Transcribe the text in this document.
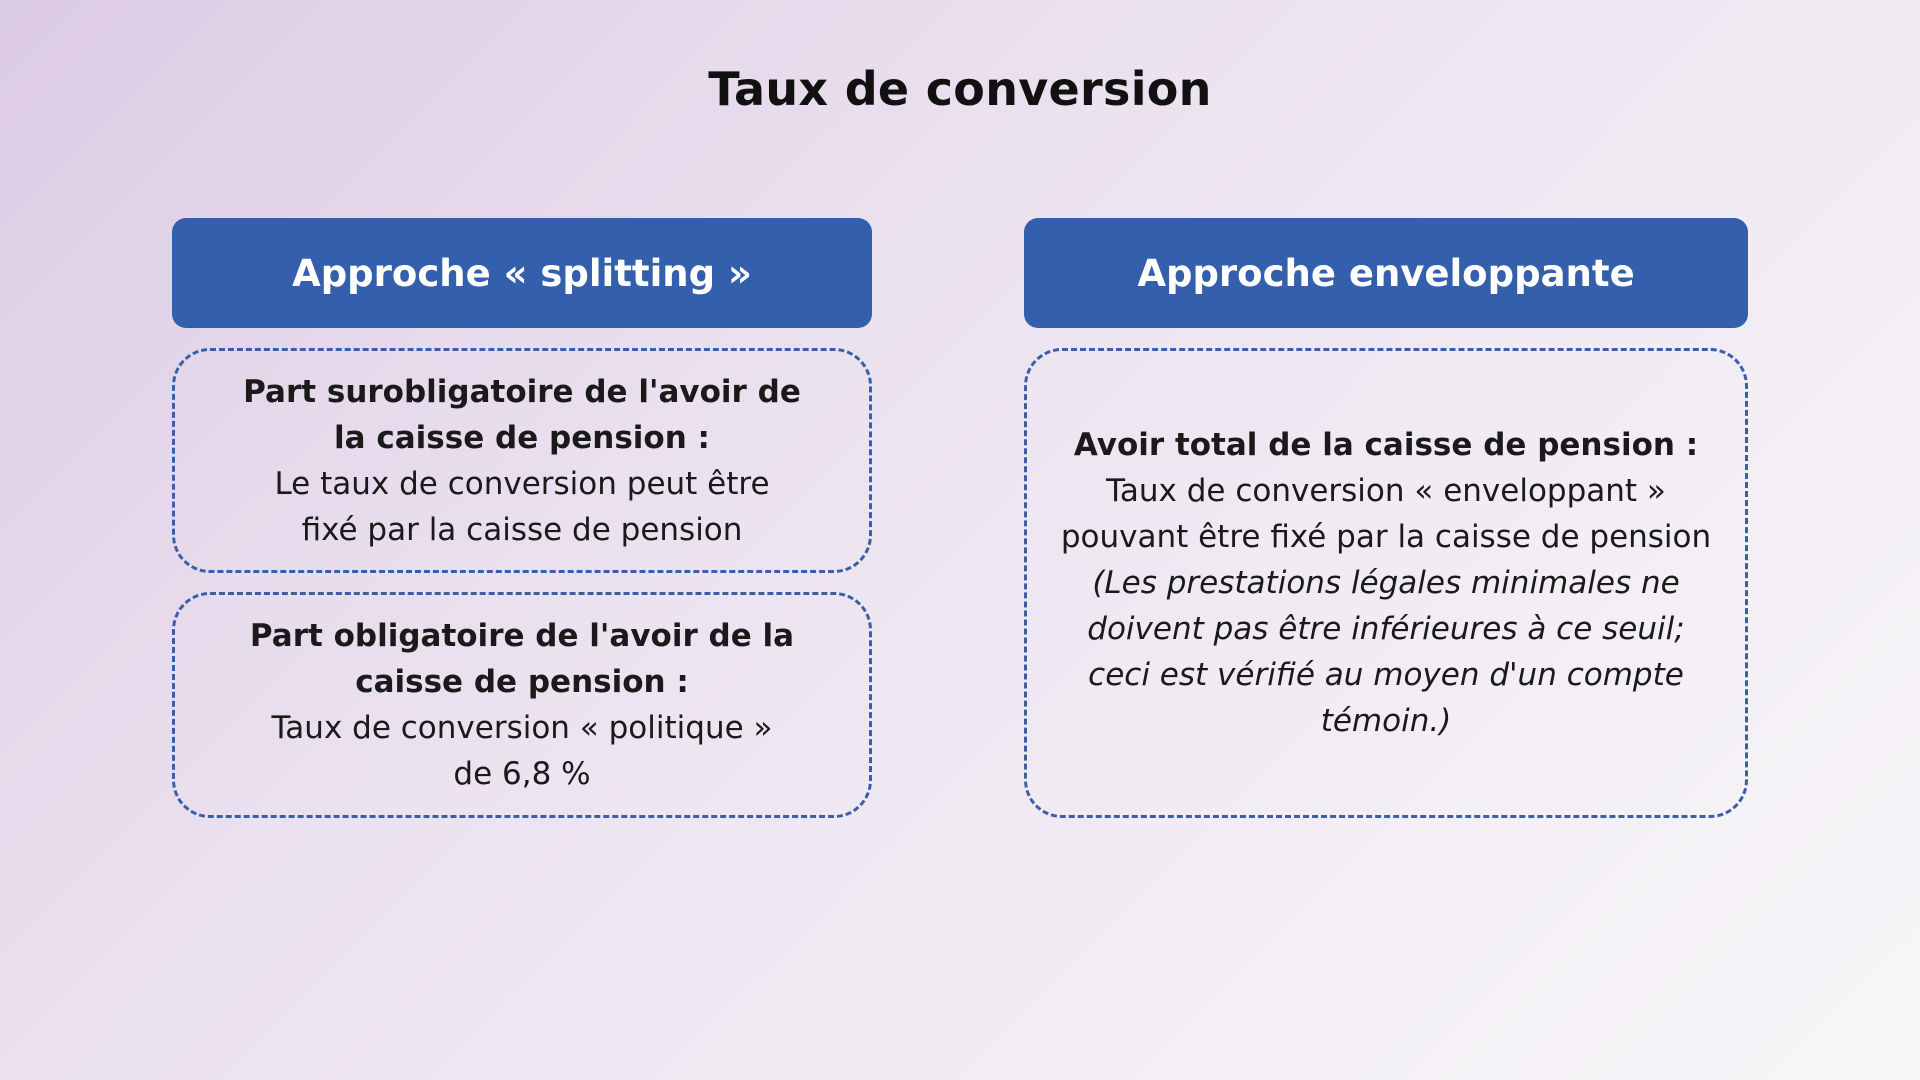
Taux de conversion
Approche « splitting »	Approche enveloppante
Part surobligatoire de l'avoir de la caisse de pension :
Le taux de conversion peut être fixé par la caisse de pension
Part obligatoire de l'avoir de la caisse de pension :
Taux de conversion « politique » de 6,8 %
Avoir total de la caisse de pension :
Taux de conversion « enveloppant » pouvant être fixé par la caisse de pension
(Les prestations légales minimales ne doivent pas être inférieures à ce seuil; ceci est vérifié au moyen d'un compte témoin.)
